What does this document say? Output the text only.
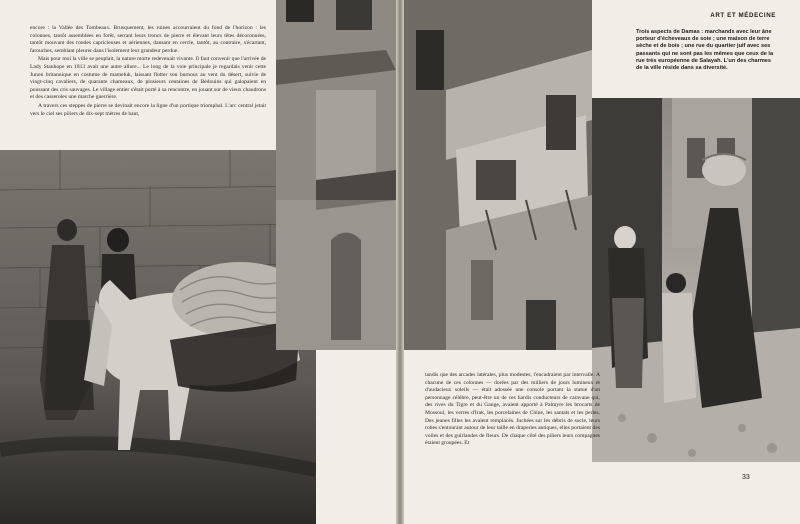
encore : la Vallée des Tombeaux. Brusquement, les ruines accourraient du fond de l'horizon : les colonnes, tantôt assemblées en forêt, serrant leurs troncs de pierre et élevant leurs têtes décoronnées, tantôt mouvant des rondes capricieuses et aériennes, dansant en cercle, tantôt, au contraire, s'écartant, farouches, semblant pleurer dans l'isolement leur grandeur perdue.

Mais pour moi la ville se peuplait, la nature morte redevenait vivante. Il faut convenir que l'arrivée de Lady Stanhope en 1813 avait une autre allure... Le long de la voie principale je regardais venir cette Junon britannique en costume de mameluk, laissant flotter son burnous au vent du désert, suivie de vingt-cinq cavaliers, de quarante chameaux, de plusieurs centaines de Bédouins qui galopaient en poussant des cris sauvages. Le village entier s'était porté à sa rencontre, en jouant sur de vieux chaudrons et des casseroles une marche guerrière.

A travers ces steppes de pierre se devinait encore la ligne d'un portique triomphal. L'arc central jetait vers le ciel ses piliers de dix-sept mètres de haut,

ART ET MÉDECINE
Trois aspects de Damas : marchands avec leur âne porteur d'écheveaux de soie ; une maison de terre sèche et de bois ; une rue du quartier juif avec ses passants qui ne sont pas les mêmes que ceux de la rue très européenne de Salayah. L'un des charmes de la ville réside dans sa diversité.
tandis que des arcades latérales, plus modestes, l'encadraient par intervalle. A chacune de ces colonnes — dorées par des milliers de jours lumineux et d'audacieux soleils — était adossée une console portant la statue d'un personnage célèbre, peut-être un de ces hardis conducteurs de caravane qui, des rives du Tigre et du Gange, avaient apporté à Palmyre les brocarts de Mossoul, les verres d'Irak, les porcelaines de Chine, les santals et les perles. Des jeunes filles les avaient remplacés. Juchées sur les débris de socle, leurs robes s'entourant autour de leur taille en draperies antiques, elles portaient des voiles et des guirlandes de fleurs. De chaque côté des piliers leurs compagnes étaient groupées. Et
33
